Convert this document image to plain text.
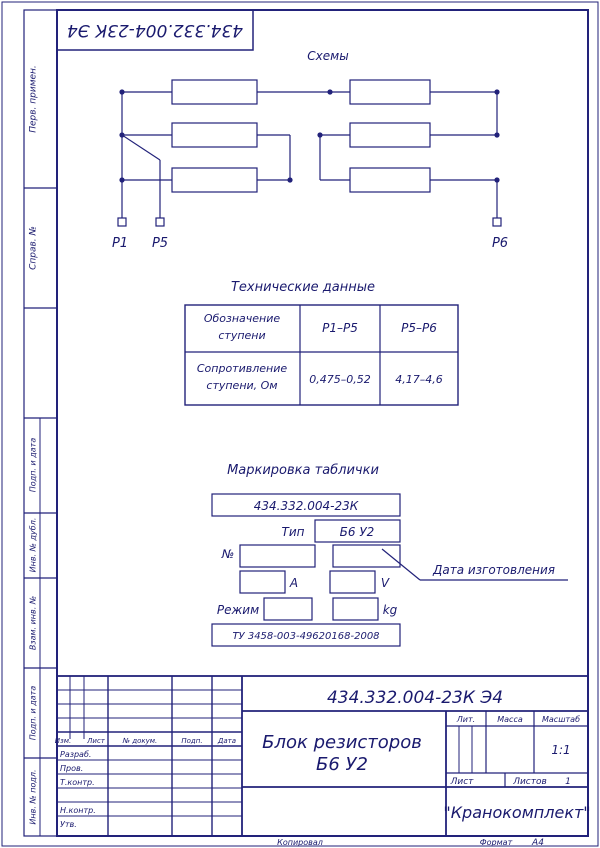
434.332.004-23К Э4
Перв. примен.
Справ. №
Подп. и дата
Инв. № дубл.
Взам. инв. №
Подп. и дата
Инв. № подл.
Схемы
P1 P5	P6
Технические данные
Обозначение
ступени
P1–P5	P5–P6
Сопротивление
ступени, Ом	0,475–0,52 4,17–4,6
Маркировка таблички
434.332.004-23К
Тип	Б6 У2
№
А	V
Режим	kg
Дата изготовления
ТУ 3458-003-49620168-2008
434.332.004-23К Э4
Блок резисторов
Б6 У2
Изм. Лист	№ докум.	Подп. Дата
Разраб.
Пров.
Т.контр.
Н.контр.
Утв.
Лит.	Масса Масштаб
1:1
Лист	Листов 1
"Кранокомплект"
Копировал	Формат А4
